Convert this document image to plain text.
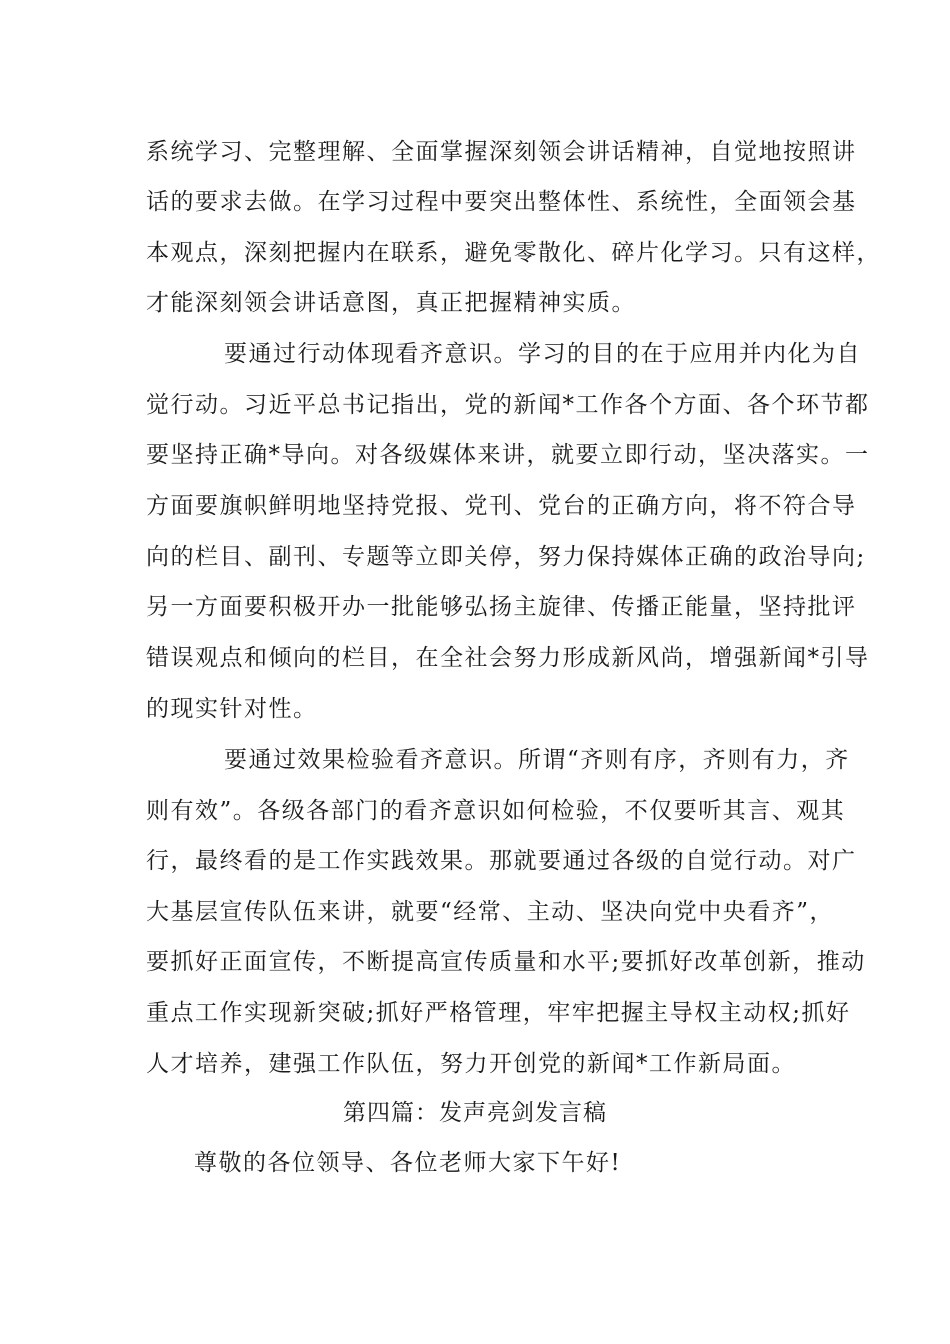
系统学习、完整理解、全面掌握深刻领会讲话精神，自觉地按照讲
话的要求去做。在学习过程中要突出整体性、系统性，全面领会基
本观点，深刻把握内在联系，避免零散化、碎片化学习。只有这样，
才能深刻领会讲话意图，真正把握精神实质。
要通过行动体现看齐意识。学习的目的在于应用并内化为自
觉行动。习近平总书记指出，党的新闻*工作各个方面、各个环节都
要坚持正确*导向。对各级媒体来讲，就要立即行动，坚决落实。一
方面要旗帜鲜明地坚持党报、党刊、党台的正确方向，将不符合导
向的栏目、副刊、专题等立即关停，努力保持媒体正确的政治导向;
另一方面要积极开办一批能够弘扬主旋律、传播正能量，坚持批评
错误观点和倾向的栏目，在全社会努力形成新风尚，增强新闻*引导
的现实针对性。
要通过效果检验看齐意识。所谓“齐则有序，齐则有力，齐
则有效”。各级各部门的看齐意识如何检验，不仅要听其言、观其
行，最终看的是工作实践效果。那就要通过各级的自觉行动。对广
大基层宣传队伍来讲，就要“经常、主动、坚决向党中央看齐”，
要抓好正面宣传，不断提高宣传质量和水平;要抓好改革创新，推动
重点工作实现新突破;抓好严格管理，牢牢把握主导权主动权;抓好
人才培养，建强工作队伍，努力开创党的新闻*工作新局面。
第四篇：发声亮剑发言稿
尊敬的各位领导、各位老师大家下午好!
